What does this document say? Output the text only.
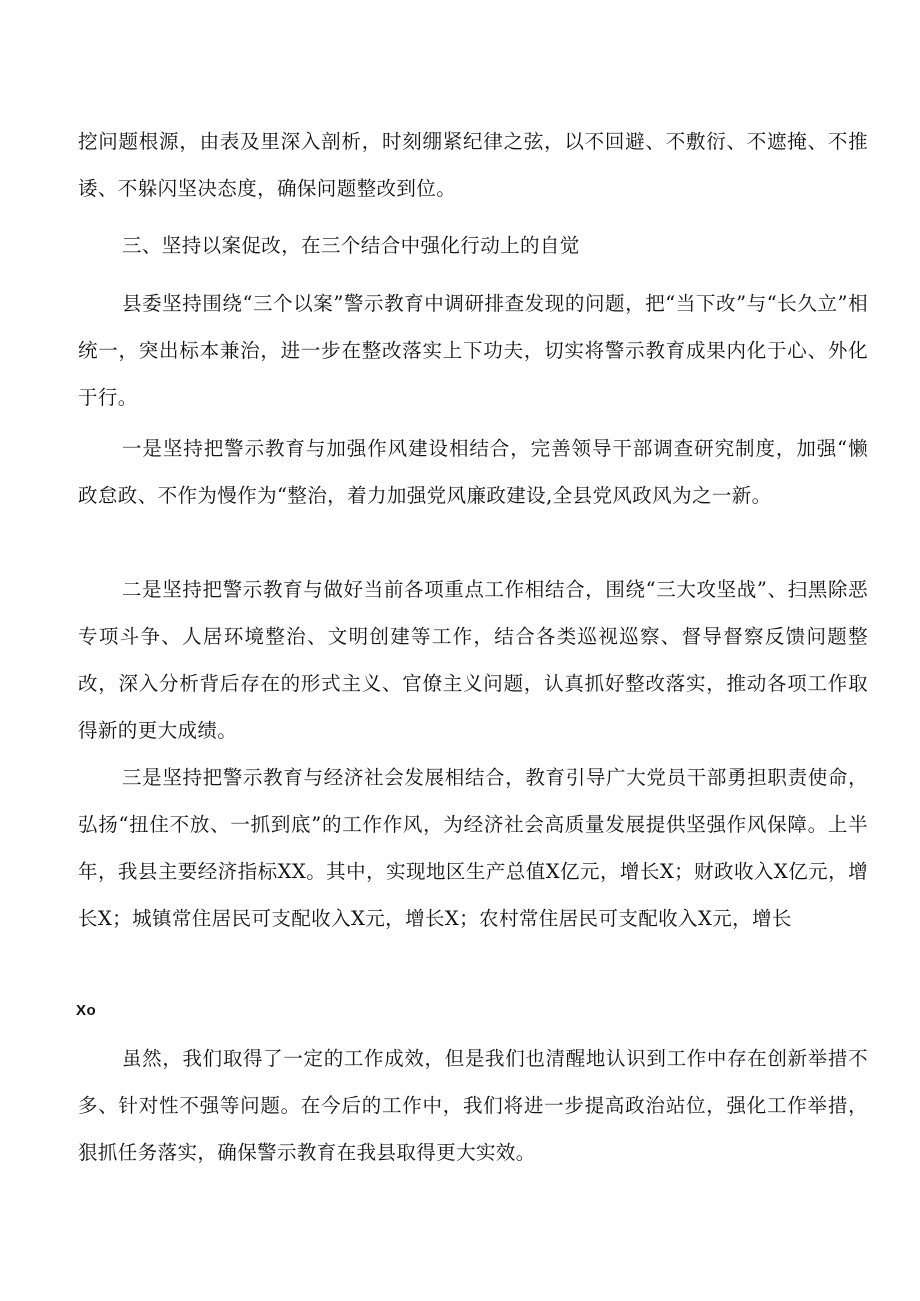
挖问题根源，由表及里深入剖析，时刻绷紧纪律之弦，以不回避、不敷衍、不遮掩、不推诿、不躲闪坚决态度，确保问题整改到位。

三、坚持以案促改，在三个结合中强化行动上的自觉

县委坚持围绕“三个以案”警示教育中调研排查发现的问题，把“当下改”与“长久立”相统一，突出标本兼治，进一步在整改落实上下功夫，切实将警示教育成果内化于心、外化于行。

一是坚持把警示教育与加强作风建设相结合，完善领导干部调查研究制度，加强“懒政怠政、不作为慢作为“整治，着力加强党风廉政建设,全县党风政风为之一新。

二是坚持把警示教育与做好当前各项重点工作相结合，围绕“三大攻坚战”、扫黑除恶专项斗争、人居环境整治、文明创建等工作，结合各类巡视巡察、督导督察反馈问题整改，深入分析背后存在的形式主义、官僚主义问题，认真抓好整改落实，推动各项工作取得新的更大成绩。

三是坚持把警示教育与经济社会发展相结合，教育引导广大党员干部勇担职责使命，弘扬“扭住不放、一抓到底”的工作作风，为经济社会高质量发展提供坚强作风保障。上半年，我县主要经济指标XX。其中，实现地区生产总值X亿元，增长X；财政收入X亿元，增长X；城镇常住居民可支配收入X元，增长X；农村常住居民可支配收入X元，增长

Xo

虽然，我们取得了一定的工作成效，但是我们也清醒地认识到工作中存在创新举措不多、针对性不强等问题。在今后的工作中，我们将进一步提高政治站位，强化工作举措，狠抓任务落实，确保警示教育在我县取得更大实效。
